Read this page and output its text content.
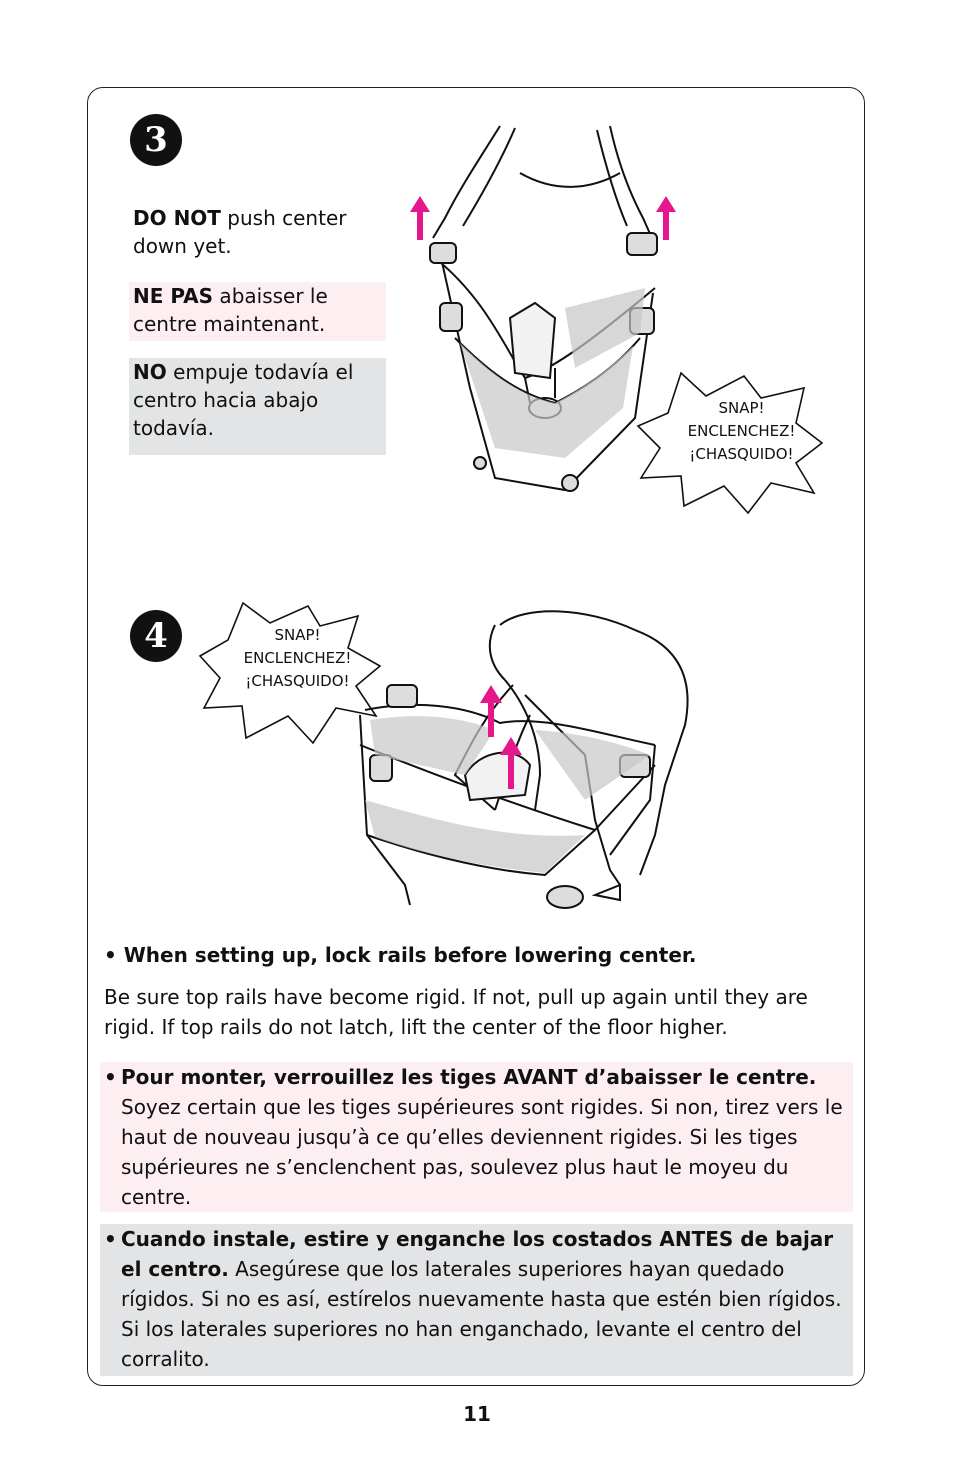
3
DO NOT push center down yet.
NE PAS abaisser le centre maintenant.
NO empuje todavía el centro hacia abajo todavía.
SNAP!
ENCLENCHEZ!
¡CHASQUIDO!
4	SNAP!
ENCLENCHEZ!
¡CHASQUIDO!
• When setting up, lock rails before lowering center.
Be sure top rails have become rigid. If not, pull up again until they are rigid. If top rails do not latch, lift the center of the floor higher.
• Pour monter, verrouillez les tiges AVANT d’abaisser le centre. Soyez certain que les tiges supérieures sont rigides. Si non, tirez vers le haut de nouveau jusqu’à ce qu’elles deviennent rigides. Si les tiges supérieures ne s’enclenchent pas, soulevez plus haut le moyeu du centre.
• Cuando instale, estire y enganche los costados ANTES de bajar el centro. Asegúrese que los laterales superiores hayan quedado rígidos. Si no es así, estírelos nuevamente hasta que estén bien rígidos. Si los laterales superiores no han enganchado, levante el centro del corralito.
11
